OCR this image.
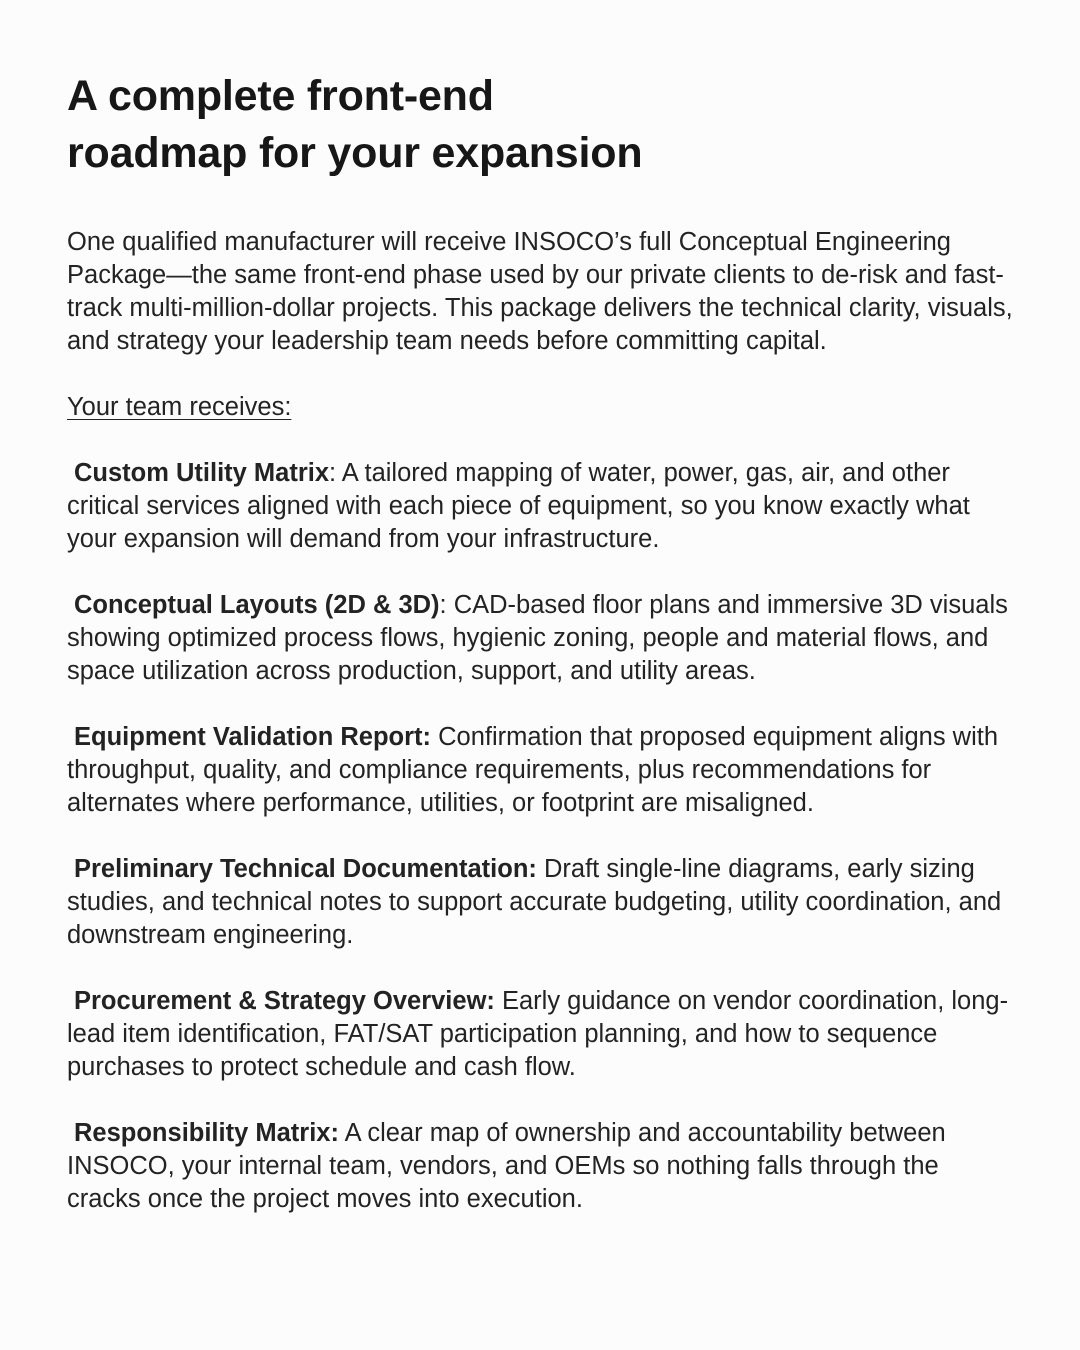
A complete front-end
roadmap for your expansion

One qualified manufacturer will receive INSOCO’s full Conceptual Engineering Package—the same front-end phase used by our private clients to de-risk and fast-track multi-million-dollar projects. This package delivers the technical clarity, visuals, and strategy your leadership team needs before committing capital.

Your team receives:

Custom Utility Matrix: A tailored mapping of water, power, gas, air, and other critical services aligned with each piece of equipment, so you know exactly what your expansion will demand from your infrastructure.
Conceptual Layouts (2D & 3D): CAD-based floor plans and immersive 3D visuals showing optimized process flows, hygienic zoning, people and material flows, and space utilization across production, support, and utility areas.
Equipment Validation Report: Confirmation that proposed equipment aligns with throughput, quality, and compliance requirements, plus recommendations for alternates where performance, utilities, or footprint are misaligned.
Preliminary Technical Documentation: Draft single-line diagrams, early sizing studies, and technical notes to support accurate budgeting, utility coordination, and downstream engineering.
Procurement & Strategy Overview: Early guidance on vendor coordination, long-lead item identification, FAT/SAT participation planning, and how to sequence purchases to protect schedule and cash flow.
Responsibility Matrix: A clear map of ownership and accountability between INSOCO, your internal team, vendors, and OEMs so nothing falls through the cracks once the project moves into execution.
